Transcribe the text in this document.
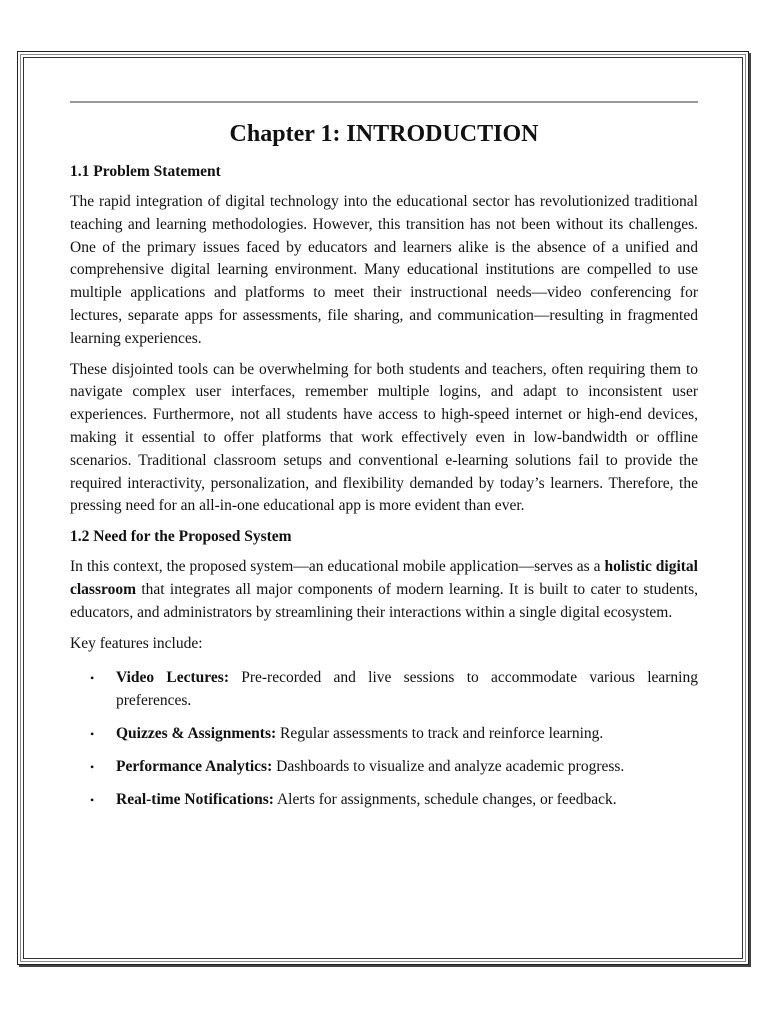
Chapter 1: INTRODUCTION
1.1 Problem Statement

The rapid integration of digital technology into the educational sector has revolutionized traditional teaching and learning methodologies. However, this transition has not been without its challenges. One of the primary issues faced by educators and learners alike is the absence of a unified and comprehensive digital learning environment. Many educational institutions are compelled to use multiple applications and platforms to meet their instructional needs—video conferencing for lectures, separate apps for assessments, file sharing, and communication—resulting in fragmented learning experiences.

These disjointed tools can be overwhelming for both students and teachers, often requiring them to navigate complex user interfaces, remember multiple logins, and adapt to inconsistent user experiences. Furthermore, not all students have access to high-speed internet or high-end devices, making it essential to offer platforms that work effectively even in low-bandwidth or offline scenarios. Traditional classroom setups and conventional e-learning solutions fail to provide the required interactivity, personalization, and flexibility demanded by today’s learners. Therefore, the pressing need for an all-in-one educational app is more evident than ever.

1.2 Need for the Proposed System

In this context, the proposed system—an educational mobile application—serves as a holistic digital classroom that integrates all major components of modern learning. It is built to cater to students, educators, and administrators by streamlining their interactions within a single digital ecosystem.

Key features include:

• Video Lectures: Pre-recorded and live sessions to accommodate various learning preferences.
• Quizzes & Assignments: Regular assessments to track and reinforce learning.
• Performance Analytics: Dashboards to visualize and analyze academic progress.
• Real-time Notifications: Alerts for assignments, schedule changes, or feedback.
